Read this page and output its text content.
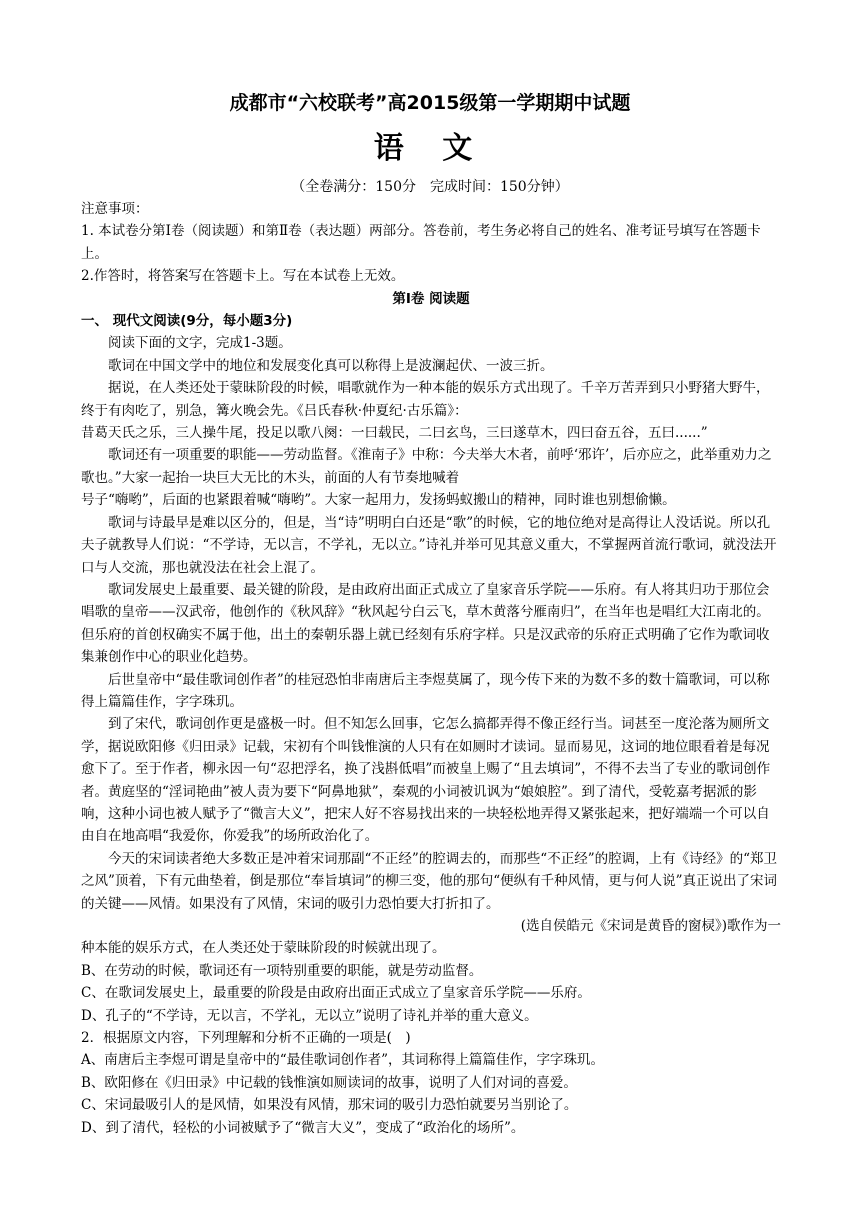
成都市“六校联考”高2015级第一学期期中试题
语 文
（全卷满分：150分　完成时间：150分钟）

注意事项：

1. 本试卷分第Ⅰ卷（阅读题）和第Ⅱ卷（表达题）两部分。答卷前，考生务必将自己的姓名、准考证号填写在答题卡上。

2.作答时，将答案写在答题卡上。写在本试卷上无效。

第Ⅰ卷 阅读题

一、 现代文阅读(9分，每小题3分)

阅读下面的文字，完成1-3题。

歌词在中国文学中的地位和发展变化真可以称得上是波澜起伏、一波三折。

据说，在人类还处于蒙昧阶段的时候，唱歌就作为一种本能的娱乐方式出现了。千辛万苦弄到只小野猪大野牛，终于有肉吃了，别急，篝火晚会先。《吕氏春秋·仲夏纪·古乐篇》：

昔葛天氏之乐，三人操牛尾，投足以歌八阕：一曰载民，二曰玄鸟，三曰遂草木，四曰奋五谷，五曰......”

歌词还有一项重要的职能——劳动监督。《淮南子》中称：今夫举大木者，前呼‘邪许’，后亦应之，此举重劝力之歌也。”大家一起抬一块巨大无比的木头，前面的人有节奏地喊着

号子“嗨哟”，后面的也紧跟着喊“嗨哟”。大家一起用力，发扬蚂蚁搬山的精神，同时谁也别想偷懒。

歌词与诗最早是难以区分的，但是，当“诗”明明白白还是“歌”的时候，它的地位绝对是高得让人没话说。所以孔夫子就教导人们说：“不学诗，无以言，不学礼，无以立。”诗礼并举可见其意义重大，不掌握两首流行歌词，就没法开口与人交流，那也就没法在社会上混了。

歌词发展史上最重要、最关键的阶段，是由政府出面正式成立了皇家音乐学院——乐府。有人将其归功于那位会唱歌的皇帝——汉武帝，他创作的《秋风辞》“秋风起兮白云飞，草木黄落兮雁南归”，在当年也是唱红大江南北的。但乐府的首创权确实不属于他，出土的秦朝乐器上就已经刻有乐府字样。只是汉武帝的乐府正式明确了它作为歌词收集兼创作中心的职业化趋势。

后世皇帝中“最佳歌词创作者”的桂冠恐怕非南唐后主李煜莫属了，现今传下来的为数不多的数十篇歌词，可以称得上篇篇佳作，字字珠玑。

到了宋代，歌词创作更是盛极一时。但不知怎么回事，它怎么搞都弄得不像正经行当。词甚至一度沦落为厕所文学，据说欧阳修《归田录》记载，宋初有个叫钱惟演的人只有在如厕时才读词。显而易见，这词的地位眼看着是每况愈下了。至于作者，柳永因一句“忍把浮名，换了浅斟低唱”而被皇上赐了“且去填词”，不得不去当了专业的歌词创作者。黄庭坚的“淫词艳曲”被人责为要下“阿鼻地狱”，秦观的小词被讥讽为“娘娘腔”。到了清代，受乾嘉考据派的影响，这种小词也被人赋予了“微言大义”，把宋人好不容易找出来的一块轻松地弄得又紧张起来，把好端端一个可以自由自在地高唱“我爱你，你爱我”的场所政治化了。

今天的宋词读者绝大多数正是冲着宋词那副“不正经”的腔调去的，而那些“不正经”的腔调，上有《诗经》的“郑卫之风”顶着，下有元曲垫着，倒是那位“奉旨填词”的柳三变，他的那句“便纵有千种风情，更与何人说”真正说出了宋词的关键——风情。如果没有了风情，宋词的吸引力恐怕要大打折扣了。

(选自侯皓元《宋词是黄昏的窗棂》)歌作为一

种本能的娱乐方式，在人类还处于蒙昧阶段的时候就出现了。

B、在劳动的时候，歌词还有一项特别重要的职能，就是劳动监督。

C、在歌词发展史上，最重要的阶段是由政府出面正式成立了皇家音乐学院——乐府。

D、孔子的“不学诗，无以言，不学礼，无以立”说明了诗礼并举的重大意义。

2．根据原文内容，下列理解和分析不正确的一项是(　)

A、南唐后主李煜可谓是皇帝中的“最佳歌词创作者”，其词称得上篇篇佳作，字字珠玑。

B、欧阳修在《归田录》中记载的钱惟演如厕读词的故事，说明了人们对词的喜爱。

C、宋词最吸引人的是风情，如果没有风情，那宋词的吸引力恐怕就要另当别论了。

D、到了清代，轻松的小词被赋予了“微言大义”，变成了“政治化的场所”。
